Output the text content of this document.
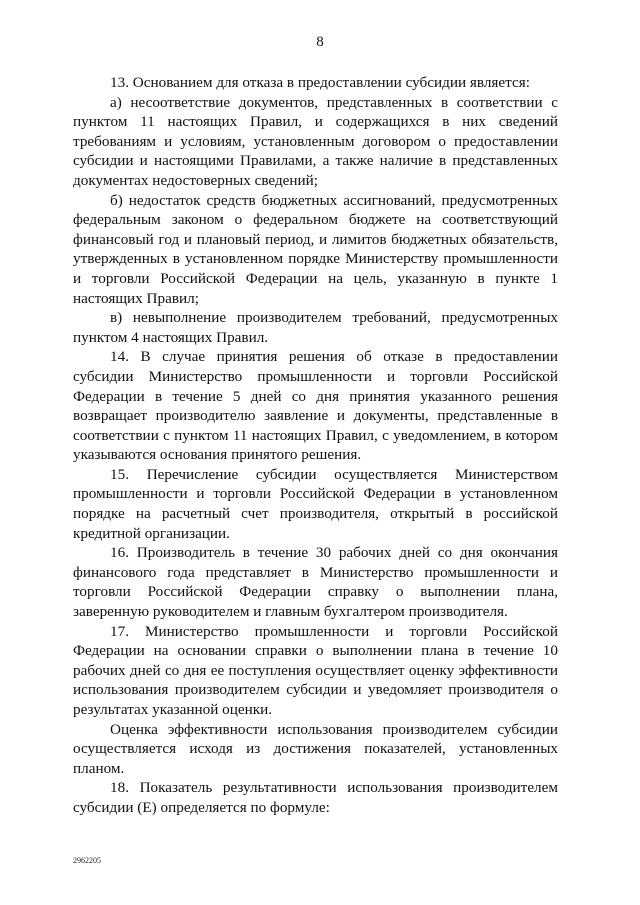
8

13. Основанием для отказа в предоставлении субсидии является:

а) несоответствие документов, представленных в соответствии с пунктом 11 настоящих Правил, и содержащихся в них сведений требованиям и условиям, установленным договором о предоставлении субсидии и настоящими Правилами, а также наличие в представленных документах недостоверных сведений;

б) недостаток средств бюджетных ассигнований, предусмотренных федеральным законом о федеральном бюджете на соответствующий финансовый год и плановый период, и лимитов бюджетных обязательств, утвержденных в установленном порядке Министерству промышленности и торговли Российской Федерации на цель, указанную в пункте 1 настоящих Правил;

в) невыполнение производителем требований, предусмотренных пунктом 4 настоящих Правил.

14. В случае принятия решения об отказе в предоставлении субсидии Министерство промышленности и торговли Российской Федерации в течение 5 дней со дня принятия указанного решения возвращает производителю заявление и документы, представленные в соответствии с пунктом 11 настоящих Правил, с уведомлением, в котором указываются основания принятого решения.

15. Перечисление субсидии осуществляется Министерством промышленности и торговли Российской Федерации в установленном порядке на расчетный счет производителя, открытый в российской кредитной организации.

16. Производитель в течение 30 рабочих дней со дня окончания финансового года представляет в Министерство промышленности и торговли Российской Федерации справку о выполнении плана, заверенную руководителем и главным бухгалтером производителя.

17. Министерство промышленности и торговли Российской Федерации на основании справки о выполнении плана в течение 10 рабочих дней со дня ее поступления осуществляет оценку эффективности использования производителем субсидии и уведомляет производителя о результатах указанной оценки.

Оценка эффективности использования производителем субсидии осуществляется исходя из достижения показателей, установленных планом.

18. Показатель результативности использования производителем субсидии (E) определяется по формуле:

2962205
